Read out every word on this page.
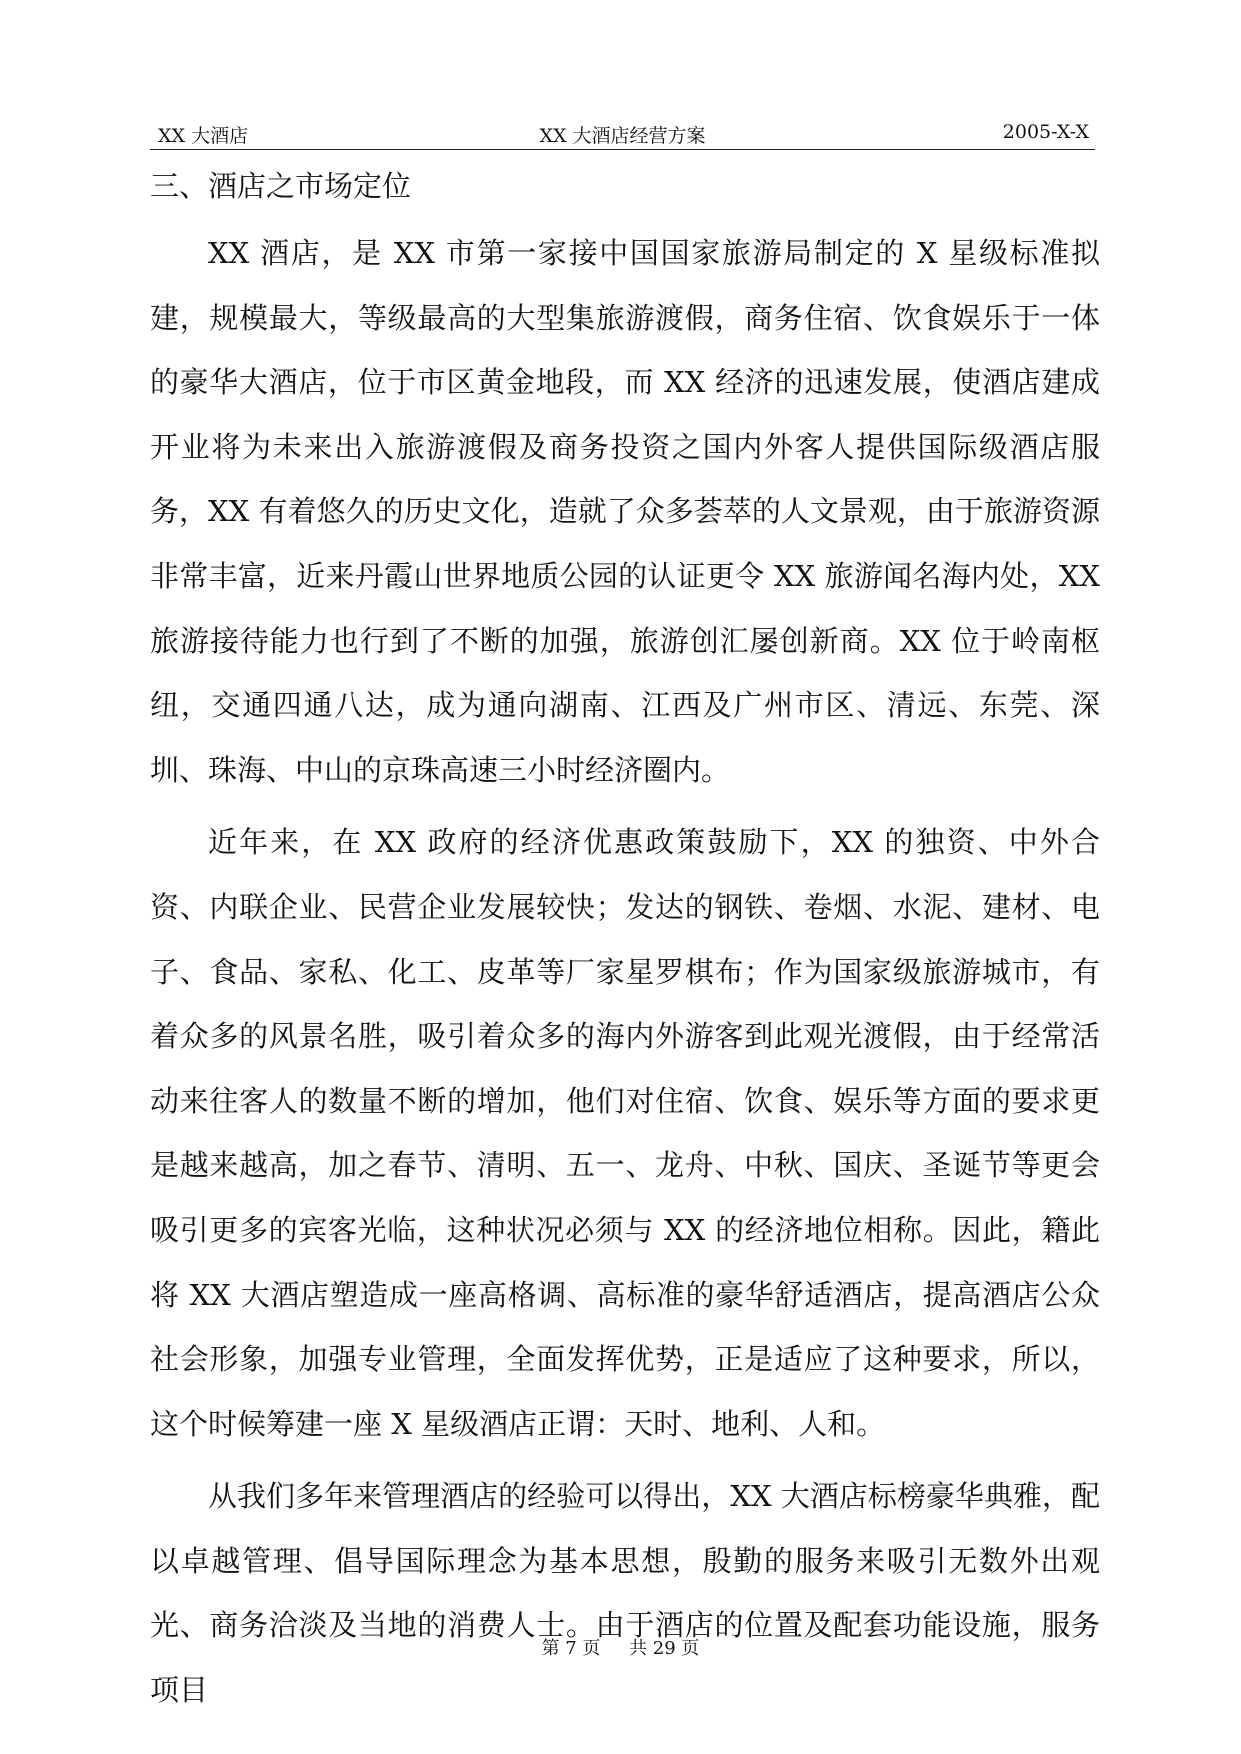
XX 大酒店	XX 大酒店经营方案	2005-X-X
三、酒店之市场定位

XX 酒店，是 XX 市第一家接中国国家旅游局制定的 X 星级标准拟建，规模最大，等级最高的大型集旅游渡假，商务住宿、饮食娱乐于一体的豪华大酒店，位于市区黄金地段，而 XX 经济的迅速发展，使酒店建成开业将为未来出入旅游渡假及商务投资之国内外客人提供国际级酒店服务，XX 有着悠久的历史文化，造就了众多荟萃的人文景观，由于旅游资源非常丰富，近来丹霞山世界地质公园的认证更令 XX 旅游闻名海内处，XX 旅游接待能力也行到了不断的加强，旅游创汇屡创新商。XX 位于岭南枢纽，交通四通八达，成为通向湖南、江西及广州市区、清远、东莞、深圳、珠海、中山的京珠高速三小时经济圈内。

近年来，在 XX 政府的经济优惠政策鼓励下，XX 的独资、中外合资、内联企业、民营企业发展较快；发达的钢铁、卷烟、水泥、建材、电子、食品、家私、化工、皮革等厂家星罗棋布；作为国家级旅游城市，有着众多的风景名胜，吸引着众多的海内外游客到此观光渡假，由于经常活动来往客人的数量不断的增加，他们对住宿、饮食、娱乐等方面的要求更是越来越高，加之春节、清明、五一、龙舟、中秋、国庆、圣诞节等更会吸引更多的宾客光临，这种状况必须与 XX 的经济地位相称。因此，籍此将 XX 大酒店塑造成一座高格调、高标准的豪华舒适酒店，提高酒店公众社会形象，加强专业管理，全面发挥优势，正是适应了这种要求，所以，这个时候筹建一座 X 星级酒店正谓：天时、地利、人和。

从我们多年来管理酒店的经验可以得出，XX 大酒店标榜豪华典雅，配以卓越管理、倡导国际理念为基本思想，殷勤的服务来吸引无数外出观光、商务洽淡及当地的消费人士。由于酒店的位置及配套功能设施，服务项目

第 7 页 共 29 页
